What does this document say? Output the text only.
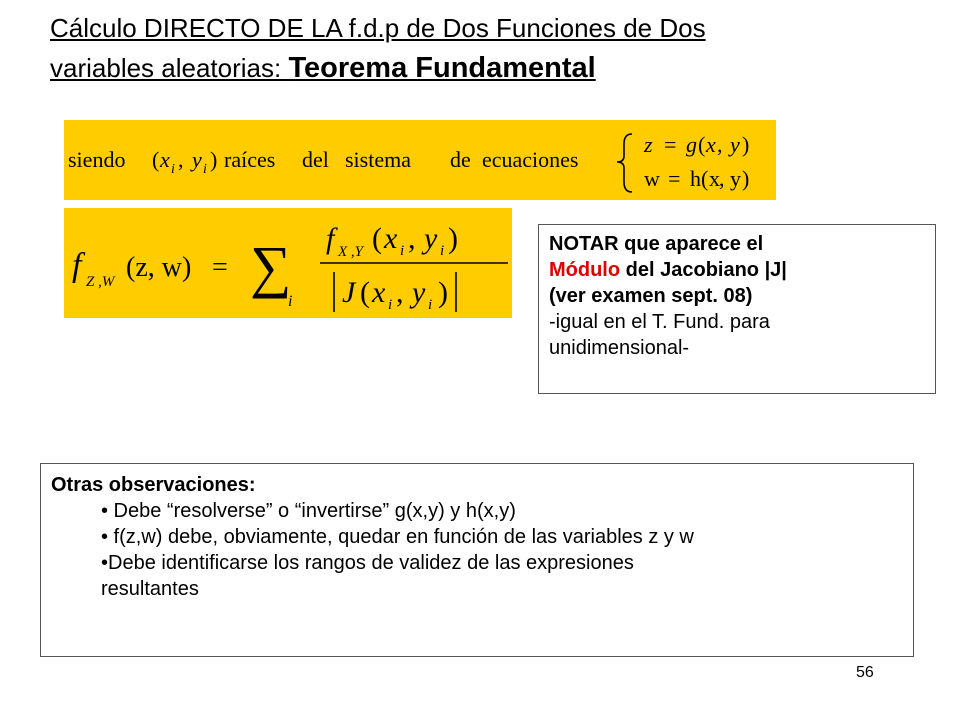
Cálculo DIRECTO DE LA f.d.p de Dos Funciones de Dos
variables aleatorias: Teorema Fundamental
siendo ( x i , y i ) raíces del sistema de ecuaciones
z = g ( x , y )
w = h ( x , y )
f Z ,W (z, w) = ∑
i
f X ,Y ( x i , y i )
J ( x i , y i )
NOTAR que aparece el
Módulo del Jacobiano |J|
(ver examen sept. 08)
-igual en el T. Fund. para
unidimensional-
Otras observaciones:
• Debe “resolverse” o “invertirse” g(x,y) y h(x,y)
• f(z,w) debe, obviamente, quedar en función de las variables z y w
•Debe identificarse los rangos de validez de las expresiones
resultantes
56
